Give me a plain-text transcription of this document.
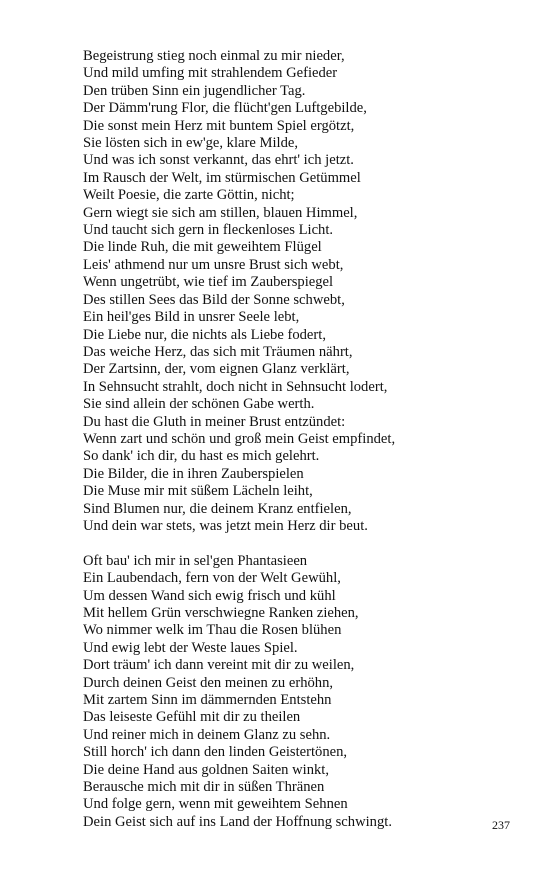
Begeistrung stieg noch einmal zu mir nieder,
Und mild umfing mit strahlendem Gefieder
Den trüben Sinn ein jugendlicher Tag.
Der Dämm'rung Flor, die flücht'gen Luftgebilde,
Die sonst mein Herz mit buntem Spiel ergötzt,
Sie lösten sich in ew'ge, klare Milde,
Und was ich sonst verkannt, das ehrt' ich jetzt.
Im Rausch der Welt, im stürmischen Getümmel
Weilt Poesie, die zarte Göttin, nicht;
Gern wiegt sie sich am stillen, blauen Himmel,
Und taucht sich gern in fleckenloses Licht.
Die linde Ruh, die mit geweihtem Flügel
Leis' athmend nur um unsre Brust sich webt,
Wenn ungetrübt, wie tief im Zauberspiegel
Des stillen Sees das Bild der Sonne schwebt,
Ein heil'ges Bild in unsrer Seele lebt,
Die Liebe nur, die nichts als Liebe fodert,
Das weiche Herz, das sich mit Träumen nährt,
Der Zartsinn, der, vom eignen Glanz verklärt,
In Sehnsucht strahlt, doch nicht in Sehnsucht lodert,
Sie sind allein der schönen Gabe werth.
Du hast die Gluth in meiner Brust entzündet:
Wenn zart und schön und groß mein Geist empfindet,
So dank' ich dir, du hast es mich gelehrt.
Die Bilder, die in ihren Zauberspielen
Die Muse mir mit süßem Lächeln leiht,
Sind Blumen nur, die deinem Kranz entfielen,
Und dein war stets, was jetzt mein Herz dir beut.

Oft bau' ich mir in sel'gen Phantasieen
Ein Laubendach, fern von der Welt Gewühl,
Um dessen Wand sich ewig frisch und kühl
Mit hellem Grün verschwiegne Ranken ziehen,
Wo nimmer welk im Thau die Rosen blühen
Und ewig lebt der Weste laues Spiel.
Dort träum' ich dann vereint mit dir zu weilen,
Durch deinen Geist den meinen zu erhöhn,
Mit zartem Sinn im dämmernden Entstehn
Das leiseste Gefühl mit dir zu theilen
Und reiner mich in deinem Glanz zu sehn.
Still horch' ich dann den linden Geistertönen,
Die deine Hand aus goldnen Saiten winkt,
Berausche mich mit dir in süßen Thränen
Und folge gern, wenn mit geweihtem Sehnen
Dein Geist sich auf ins Land der Hoffnung schwingt.	237
